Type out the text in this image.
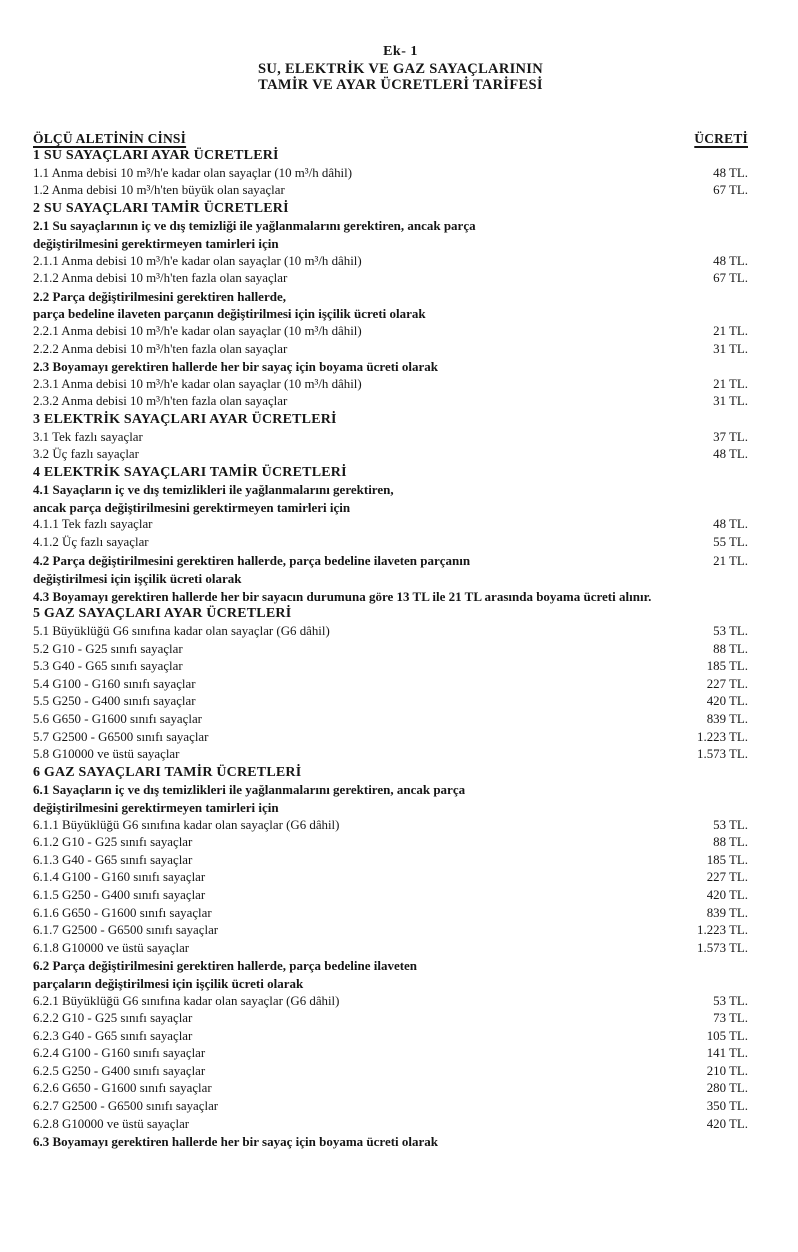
Ek- 1
SU, ELEKTRİK VE GAZ SAYAÇLARININ
TAMİR VE AYAR ÜCRETLERİ TARİFESİ
ÖLÇÜ ALETİNİN CİNSİ	ÜCRETİ
1 SU SAYAÇLARI AYAR ÜCRETLERİ
1.1 Anma debisi 10 m³/h'e kadar olan sayaçlar (10 m³/h dâhil)	48 TL.
1.2 Anma debisi 10 m³/h'ten büyük olan sayaçlar	67 TL.
2 SU SAYAÇLARI TAMİR ÜCRETLERİ
2.1 Su sayaçlarının iç ve dış temizliği ile yağlanmalarını gerektiren, ancak parça
değiştirilmesini gerektirmeyen tamirleri için
2.1.1 Anma debisi 10 m³/h'e kadar olan sayaçlar (10 m³/h dâhil)	48 TL.
2.1.2 Anma debisi 10 m³/h'ten fazla olan sayaçlar	67 TL.
2.2 Parça değiştirilmesini gerektiren hallerde,
parça bedeline ilaveten parçanın değiştirilmesi için işçilik ücreti olarak
2.2.1 Anma debisi 10 m³/h'e kadar olan sayaçlar (10 m³/h dâhil)	21 TL.
2.2.2 Anma debisi 10 m³/h'ten fazla olan sayaçlar	31 TL.
2.3 Boyamayı gerektiren hallerde her bir sayaç için boyama ücreti olarak
2.3.1 Anma debisi 10 m³/h'e kadar olan sayaçlar (10 m³/h dâhil)	21 TL.
2.3.2 Anma debisi 10 m³/h'ten fazla olan sayaçlar	31 TL.
3 ELEKTRİK SAYAÇLARI AYAR ÜCRETLERİ
3.1 Tek fazlı sayaçlar	37 TL.
3.2 Üç fazlı sayaçlar	48 TL.
4 ELEKTRİK SAYAÇLARI TAMİR ÜCRETLERİ
4.1 Sayaçların iç ve dış temizlikleri ile yağlanmalarını gerektiren,
ancak parça değiştirilmesini gerektirmeyen tamirleri için
4.1.1 Tek fazlı sayaçlar	48 TL.
4.1.2 Üç fazlı sayaçlar	55 TL.
4.2 Parça değiştirilmesini gerektiren hallerde, parça bedeline ilaveten parçanın	21 TL.
değiştirilmesi için işçilik ücreti olarak
4.3 Boyamayı gerektiren hallerde her bir sayacın durumuna göre 13 TL ile 21 TL arasında boyama ücreti alınır.
5 GAZ SAYAÇLARI AYAR ÜCRETLERİ
5.1 Büyüklüğü G6 sınıfına kadar olan sayaçlar (G6 dâhil)	53 TL.
5.2 G10 - G25 sınıfı sayaçlar	88 TL.
5.3 G40 - G65 sınıfı sayaçlar	185 TL.
5.4 G100 - G160 sınıfı sayaçlar	227 TL.
5.5 G250 - G400 sınıfı sayaçlar	420 TL.
5.6 G650 - G1600 sınıfı sayaçlar	839 TL.
5.7 G2500 - G6500 sınıfı sayaçlar	1.223 TL.
5.8 G10000 ve üstü sayaçlar	1.573 TL.
6 GAZ SAYAÇLARI TAMİR ÜCRETLERİ
6.1 Sayaçların iç ve dış temizlikleri ile yağlanmalarını gerektiren, ancak parça
değiştirilmesini gerektirmeyen tamirleri için
6.1.1 Büyüklüğü G6 sınıfına kadar olan sayaçlar (G6 dâhil)	53 TL.
6.1.2 G10 - G25 sınıfı sayaçlar	88 TL.
6.1.3 G40 - G65 sınıfı sayaçlar	185 TL.
6.1.4 G100 - G160 sınıfı sayaçlar	227 TL.
6.1.5 G250 - G400 sınıfı sayaçlar	420 TL.
6.1.6 G650 - G1600 sınıfı sayaçlar	839 TL.
6.1.7 G2500 - G6500 sınıfı sayaçlar	1.223 TL.
6.1.8 G10000 ve üstü sayaçlar	1.573 TL.
6.2 Parça değiştirilmesini gerektiren hallerde, parça bedeline ilaveten
parçaların değiştirilmesi için işçilik ücreti olarak
6.2.1 Büyüklüğü G6 sınıfına kadar olan sayaçlar (G6 dâhil)	53 TL.
6.2.2 G10 - G25 sınıfı sayaçlar	73 TL.
6.2.3 G40 - G65 sınıfı sayaçlar	105 TL.
6.2.4 G100 - G160 sınıfı sayaçlar	141 TL.
6.2.5 G250 - G400 sınıfı sayaçlar	210 TL.
6.2.6 G650 - G1600 sınıfı sayaçlar	280 TL.
6.2.7 G2500 - G6500 sınıfı sayaçlar	350 TL.
6.2.8 G10000 ve üstü sayaçlar	420 TL.
6.3 Boyamayı gerektiren hallerde her bir sayaç için boyama ücreti olarak
